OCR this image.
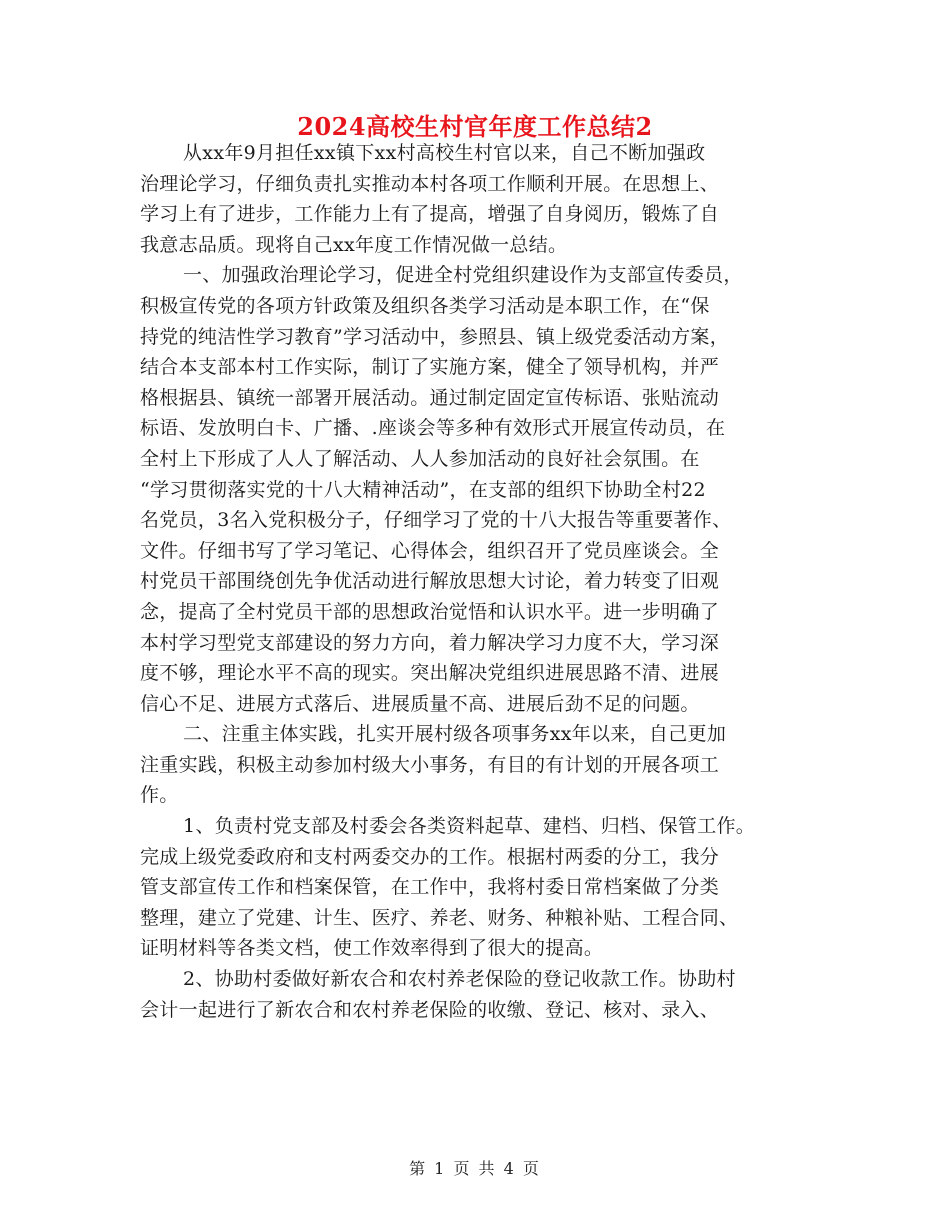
2024高校生村官年度工作总结2
从xx年9月担任xx镇下xx村高校生村官以来，自己不断加强政
治理论学习，仔细负责扎实推动本村各项工作顺利开展。在思想上、
学习上有了进步，工作能力上有了提高，增强了自身阅历，锻炼了自
我意志品质。现将自己xx年度工作情况做一总结。
一、加强政治理论学习，促进全村党组织建设作为支部宣传委员，
积极宣传党的各项方针政策及组织各类学习活动是本职工作，在“保
持党的纯洁性学习教育”学习活动中，参照县、镇上级党委活动方案，
结合本支部本村工作实际，制订了实施方案，健全了领导机构，并严
格根据县、镇统一部署开展活动。通过制定固定宣传标语、张贴流动
标语、发放明白卡、广播、.座谈会等多种有效形式开展宣传动员，在
全村上下形成了人人了解活动、人人参加活动的良好社会氛围。在
“学习贯彻落实党的十八大精神活动”，在支部的组织下协助全村22
名党员，3名入党积极分子，仔细学习了党的十八大报告等重要著作、
文件。仔细书写了学习笔记、心得体会，组织召开了党员座谈会。全
村党员干部围绕创先争优活动进行解放思想大讨论，着力转变了旧观
念，提高了全村党员干部的思想政治觉悟和认识水平。进一步明确了
本村学习型党支部建设的努力方向，着力解决学习力度不大，学习深
度不够，理论水平不高的现实。突出解决党组织进展思路不清、进展
信心不足、进展方式落后、进展质量不高、进展后劲不足的问题。
二、注重主体实践，扎实开展村级各项事务xx年以来，自己更加
注重实践，积极主动参加村级大小事务，有目的有计划的开展各项工
作。
1、负责村党支部及村委会各类资料起草、建档、归档、保管工作。
完成上级党委政府和支村两委交办的工作。根据村两委的分工，我分
管支部宣传工作和档案保管，在工作中，我将村委日常档案做了分类
整理，建立了党建、计生、医疗、养老、财务、种粮补贴、工程合同、
证明材料等各类文档，使工作效率得到了很大的提高。
2、协助村委做好新农合和农村养老保险的登记收款工作。协助村
会计一起进行了新农合和农村养老保险的收缴、登记、核对、录入、
第 1 页 共 4 页
